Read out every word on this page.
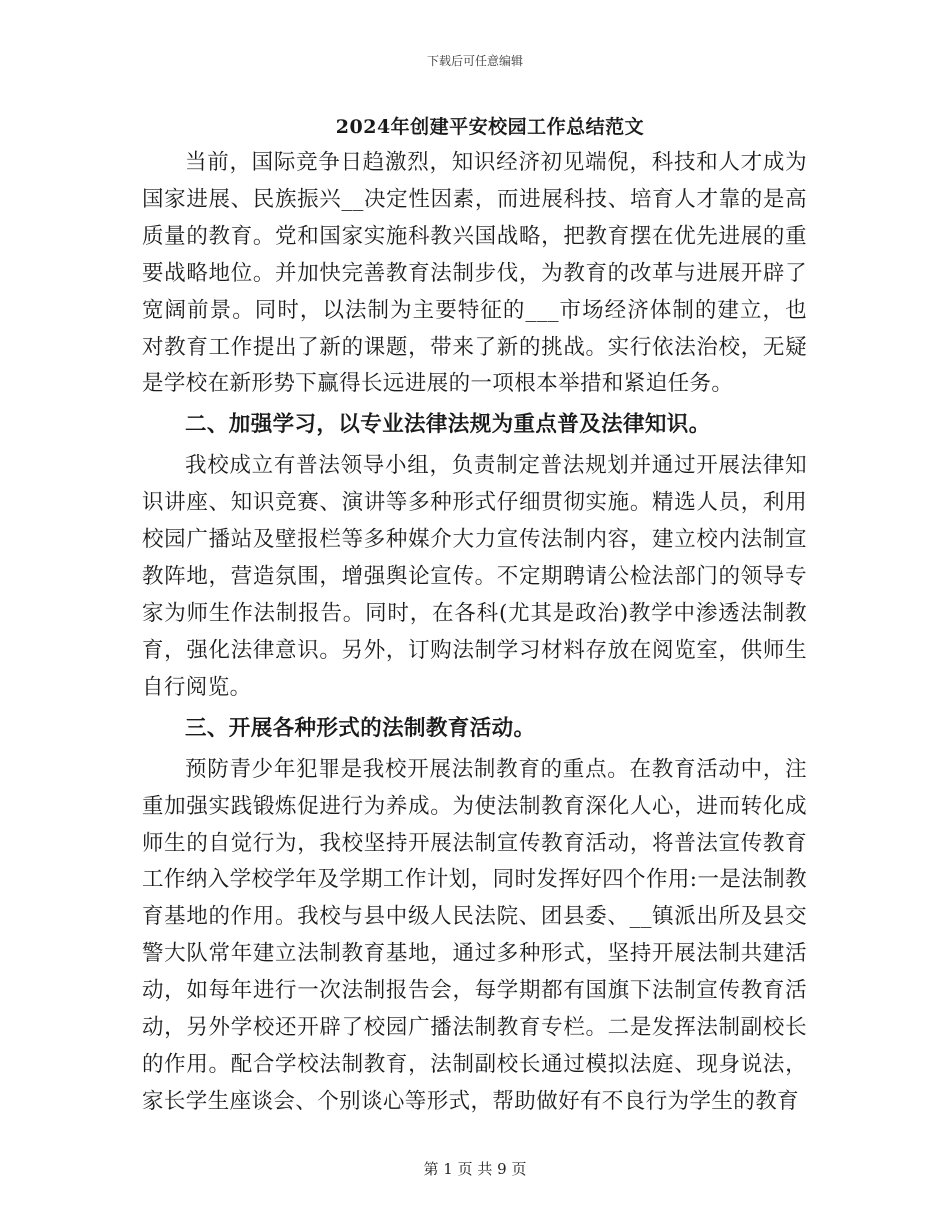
下载后可任意编辑
2024年创建平安校园工作总结范文

当前，国际竞争日趋激烈，知识经济初见端倪，科技和人才成为国家进展、民族振兴__决定性因素，而进展科技、培育人才靠的是高质量的教育。党和国家实施科教兴国战略，把教育摆在优先进展的重要战略地位。并加快完善教育法制步伐，为教育的改革与进展开辟了宽阔前景。同时，以法制为主要特征的___市场经济体制的建立，也对教育工作提出了新的课题，带来了新的挑战。实行依法治校，无疑是学校在新形势下赢得长远进展的一项根本举措和紧迫任务。

二、加强学习，以专业法律法规为重点普及法律知识。

我校成立有普法领导小组，负责制定普法规划并通过开展法律知识讲座、知识竞赛、演讲等多种形式仔细贯彻实施。精选人员，利用校园广播站及壁报栏等多种媒介大力宣传法制内容，建立校内法制宣教阵地，营造氛围，增强舆论宣传。不定期聘请公检法部门的领导专家为师生作法制报告。同时，在各科(尤其是政治)教学中渗透法制教育，强化法律意识。另外，订购法制学习材料存放在阅览室，供师生自行阅览。

三、开展各种形式的法制教育活动。

预防青少年犯罪是我校开展法制教育的重点。在教育活动中，注重加强实践锻炼促进行为养成。为使法制教育深化人心，进而转化成师生的自觉行为，我校坚持开展法制宣传教育活动，将普法宣传教育工作纳入学校学年及学期工作计划，同时发挥好四个作用:一是法制教育基地的作用。我校与县中级人民法院、团县委、__镇派出所及县交警大队常年建立法制教育基地，通过多种形式，坚持开展法制共建活动，如每年进行一次法制报告会，每学期都有国旗下法制宣传教育活动，另外学校还开辟了校园广播法制教育专栏。二是发挥法制副校长的作用。配合学校法制教育，法制副校长通过模拟法庭、现身说法，家长学生座谈会、个别谈心等形式，帮助做好有不良行为学生的教育

第 1 页 共 9 页
